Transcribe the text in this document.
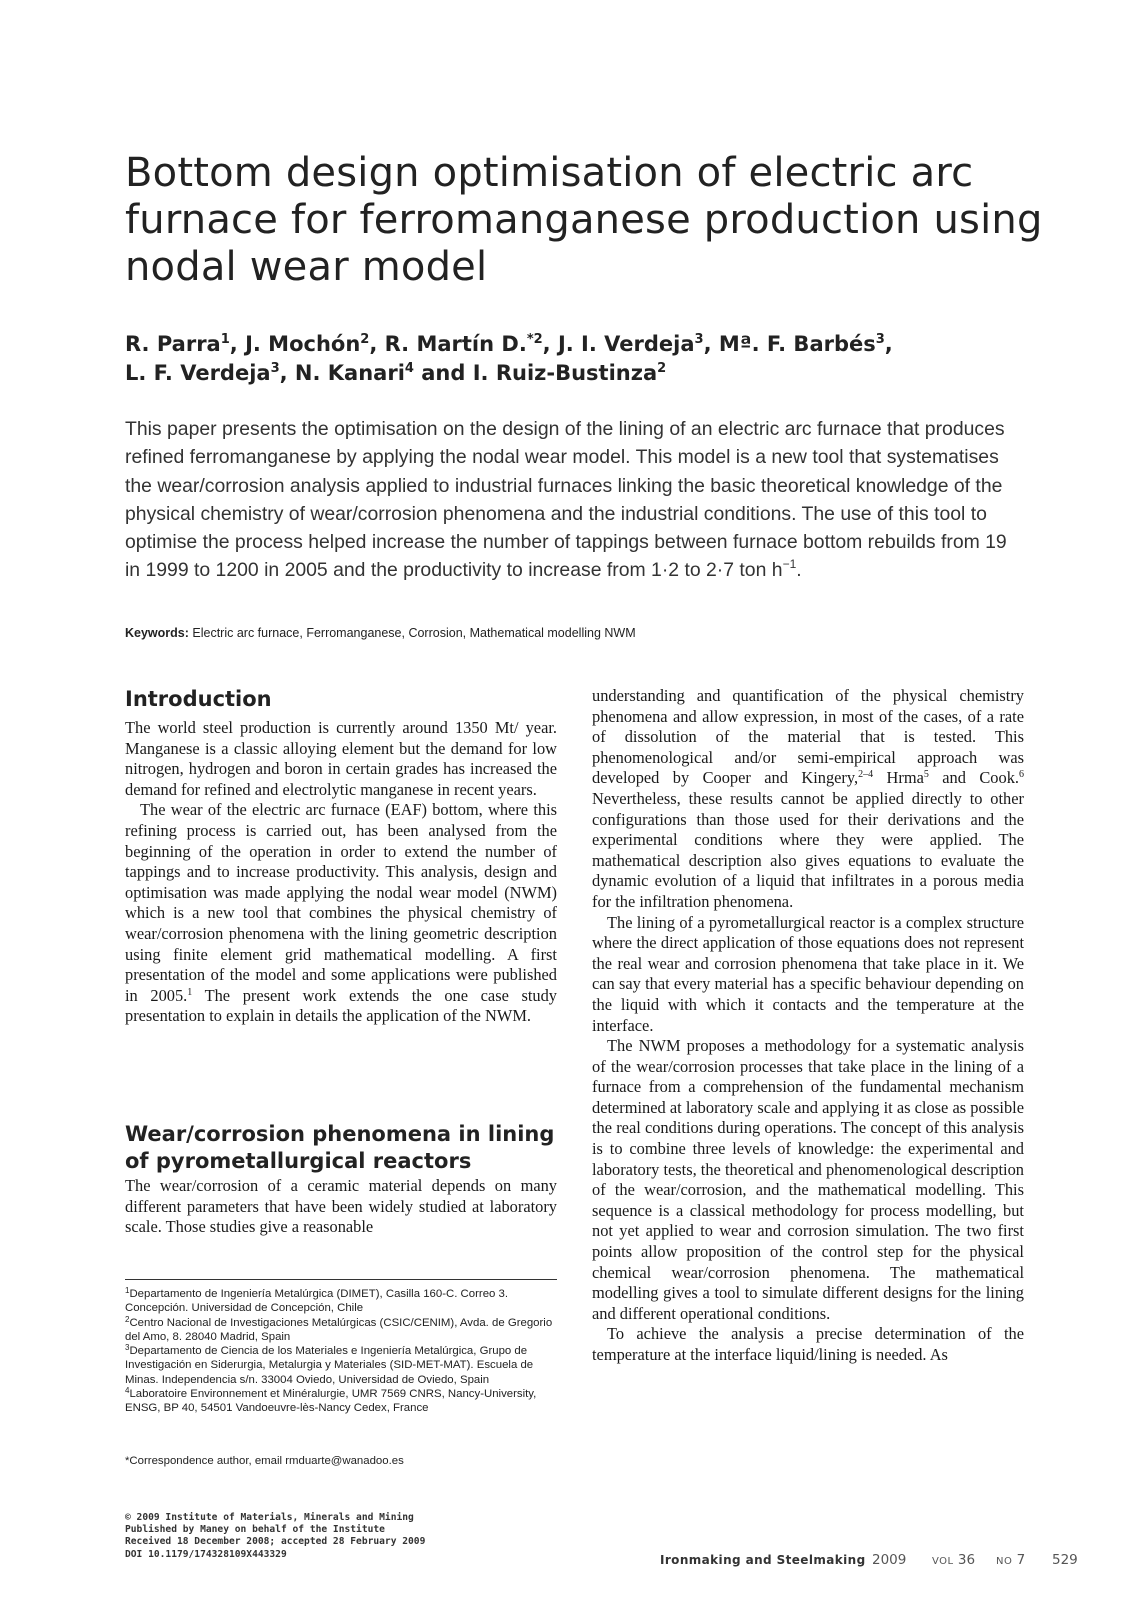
Bottom design optimisation of electric arc furnace for ferromanganese production using nodal wear model
R. Parra$^1$, J. Mochón$^2$, R. Martín D.$^{*2}$, J. I. Verdeja$^3$, Mª. F. Barbés$^3$,
L. F. Verdeja$^3$, N. Kanari$^4$ and I. Ruiz-Bustinza$^2$

This paper presents the optimisation on the design of the lining of an electric arc furnace that produces refined ferromanganese by applying the nodal wear model. This model is a new tool that systematises the wear/corrosion analysis applied to industrial furnaces linking the basic theoretical knowledge of the physical chemistry of wear/corrosion phenomena and the industrial conditions. The use of this tool to optimise the process helped increase the number of tappings between furnace bottom rebuilds from 19 in 1999 to 1200 in 2005 and the productivity to increase from 1·2 to 2·7 ton $h^{-1}$.

Keywords: Electric arc furnace, Ferromanganese, Corrosion, Mathematical modelling NWM
Introduction

The world steel production is currently around 1350 Mt/ year. Manganese is a classic alloying element but the demand for low nitrogen, hydrogen and boron in certain grades has increased the demand for refined and electrolytic manganese in recent years.

The wear of the electric arc furnace (EAF) bottom, where this refining process is carried out, has been analysed from the beginning of the operation in order to extend the number of tappings and to increase productivity. This analysis, design and optimisation was made applying the nodal wear model (NWM) which is a new tool that combines the physical chemistry of wear/corrosion phenomena with the lining geometric description using finite element grid mathematical modelling. A first presentation of the model and some applications were published in 2005.$^1$ The present work extends the one case study presentation to explain in details the application of the NWM.

Wear/corrosion phenomena in lining of pyrometallurgical reactors

The wear/corrosion of a ceramic material depends on many different parameters that have been widely studied at laboratory scale. Those studies give a reasonable

$^1$Departamento de Ingeniería Metalúrgica (DIMET), Casilla 160-C. Correo 3. Concepción. Universidad de Concepción, Chile

$^2$Centro Nacional de Investigaciones Metalúrgicas (CSIC/CENIM), Avda. de Gregorio del Amo, 8. 28040 Madrid, Spain

$^3$Departamento de Ciencia de los Materiales e Ingeniería Metalúrgica, Grupo de Investigación en Siderurgia, Metalurgia y Materiales (SID-MET-MAT). Escuela de Minas. Independencia s/n. 33004 Oviedo, Universidad de Oviedo, Spain

$^4$Laboratoire Environnement et Minéralurgie, UMR 7569 CNRS, Nancy-University, ENSG, BP 40, 54501 Vandoeuvre-lès-Nancy Cedex, France

*Correspondence author, email rmduarte@wanadoo.es

understanding and quantification of the physical chemistry phenomena and allow expression, in most of the cases, of a rate of dissolution of the material that is tested. This phenomenological and/or semi-empirical approach was developed by Cooper and Kingery,$^{2-4}$ Hrma$^5$ and Cook.$^6$ Nevertheless, these results cannot be applied directly to other configurations than those used for their derivations and the experimental conditions where they were applied. The mathematical description also gives equations to evaluate the dynamic evolution of a liquid that infiltrates in a porous media for the infiltration phenomena.

The lining of a pyrometallurgical reactor is a complex structure where the direct application of those equations does not represent the real wear and corrosion phenomena that take place in it. We can say that every material has a specific behaviour depending on the liquid with which it contacts and the temperature at the interface.

The NWM proposes a methodology for a systematic analysis of the wear/corrosion processes that take place in the lining of a furnace from a comprehension of the fundamental mechanism determined at laboratory scale and applying it as close as possible the real conditions during operations. The concept of this analysis is to combine three levels of knowledge: the experimental and laboratory tests, the theoretical and phenomenological description of the wear/corrosion, and the mathematical modelling. This sequence is a classical methodology for process modelling, but not yet applied to wear and corrosion simulation. The two first points allow proposition of the control step for the physical chemical wear/corrosion phenomena. The mathematical modelling gives a tool to simulate different designs for the lining and different operational conditions.

To achieve the analysis a precise determination of the temperature at the interface liquid/lining is needed. As

© 2009 Institute of Materials, Minerals and Mining
Published by Maney on behalf of the Institute
Received 18 December 2008; accepted 28 February 2009
DOI 10.1179/174328109X443329	Ironmaking and Steelmaking 2009	VOL 36 NO 7 529
